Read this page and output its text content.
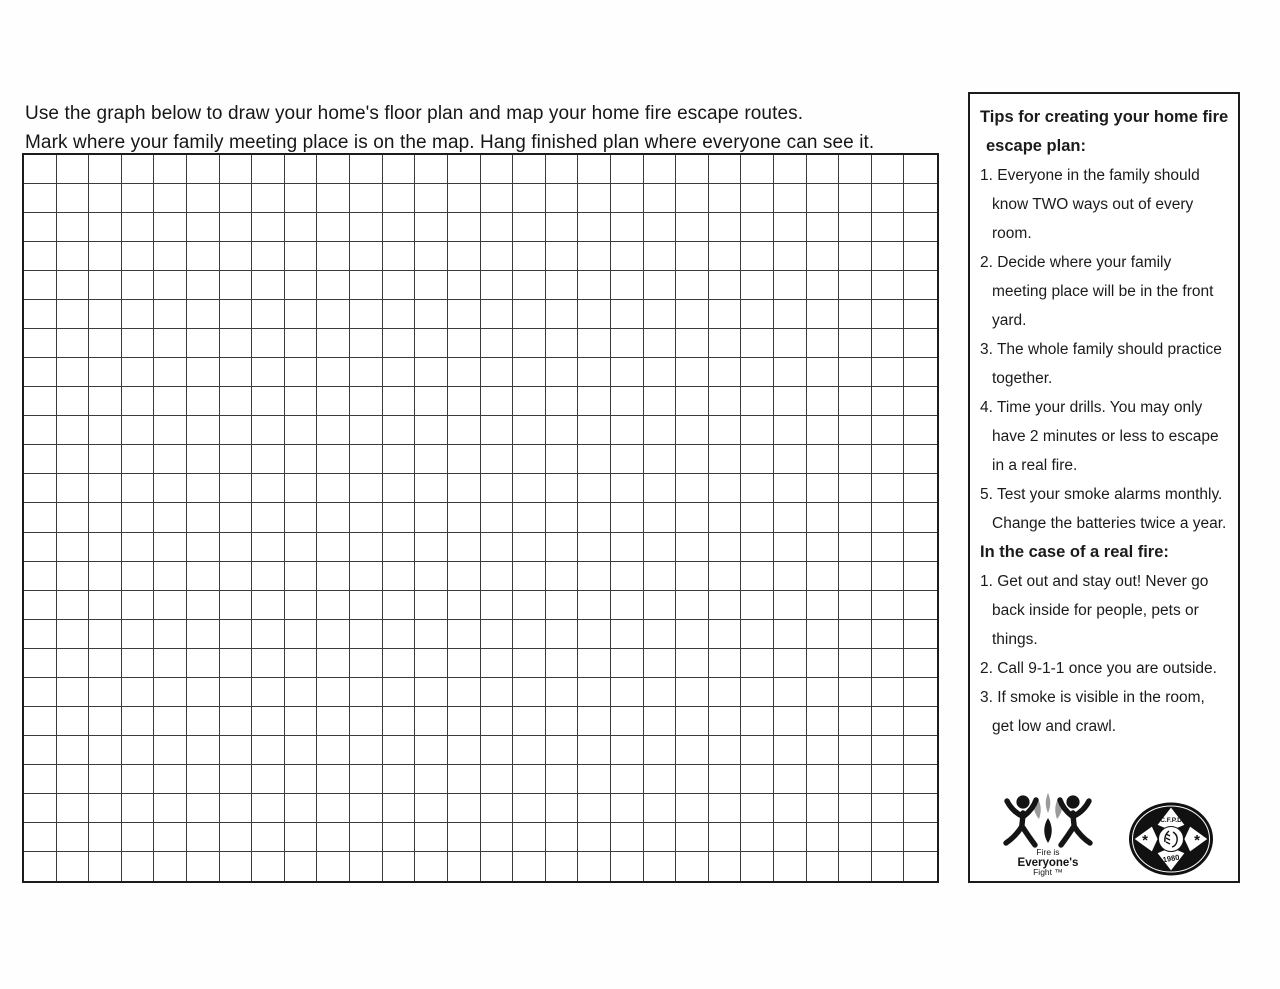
Use the graph below to draw your home's floor plan and map your home fire escape routes.
Mark where your family meeting place is on the map. Hang finished plan where everyone can see it.
Tips for creating your home fire escape plan:
1. Everyone in the family should know TWO ways out of every room.
2. Decide where your family meeting place will be in the front yard.
3. The whole family should practice together.
4. Time your drills. You may only have 2 minutes or less to escape in a real fire.
5. Test your smoke alarms monthly. Change the batteries twice a year.
In the case of a real fire:
1. Get out and stay out! Never go back inside for people, pets or things.
2. Call 9-1-1 once you are outside.
3. If smoke is visible in the room, get low and crawl.
Fire is
Everyone's
Fight ™
C.F.P.D
1980
*	*
